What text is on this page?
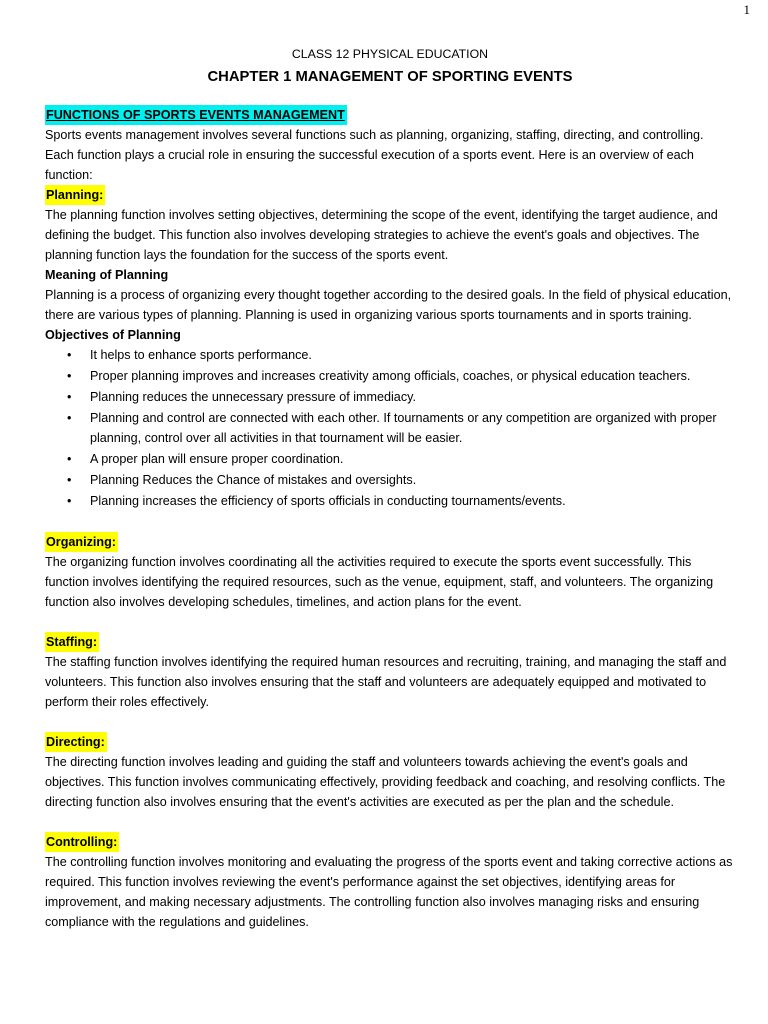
1
CLASS 12 PHYSICAL EDUCATION
CHAPTER 1 MANAGEMENT OF SPORTING EVENTS
FUNCTIONS OF SPORTS EVENTS MANAGEMENT

Sports events management involves several functions such as planning, organizing, staffing, directing, and controlling. Each function plays a crucial role in ensuring the successful execution of a sports event. Here is an overview of each function:

Planning:

The planning function involves setting objectives, determining the scope of the event, identifying the target audience, and defining the budget. This function also involves developing strategies to achieve the event's goals and objectives. The planning function lays the foundation for the success of the sports event.

Meaning of Planning

Planning is a process of organizing every thought together according to the desired goals. In the field of physical education, there are various types of planning. Planning is used in organizing various sports tournaments and in sports training.

Objectives of Planning
• It helps to enhance sports performance.
• Proper planning improves and increases creativity among officials, coaches, or physical education teachers.
• Planning reduces the unnecessary pressure of immediacy.
• Planning and control are connected with each other. If tournaments or any competition are organized with proper planning, control over all activities in that tournament will be easier.
• A proper plan will ensure proper coordination.
• Planning Reduces the Chance of mistakes and oversights.
• Planning increases the efficiency of sports officials in conducting tournaments/events.
Organizing:

The organizing function involves coordinating all the activities required to execute the sports event successfully. This function involves identifying the required resources, such as the venue, equipment, staff, and volunteers. The organizing function also involves developing schedules, timelines, and action plans for the event.

Staffing:

The staffing function involves identifying the required human resources and recruiting, training, and managing the staff and volunteers. This function also involves ensuring that the staff and volunteers are adequately equipped and motivated to perform their roles effectively.

Directing:

The directing function involves leading and guiding the staff and volunteers towards achieving the event's goals and objectives. This function involves communicating effectively, providing feedback and coaching, and resolving conflicts. The directing function also involves ensuring that the event's activities are executed as per the plan and the schedule.

Controlling:

The controlling function involves monitoring and evaluating the progress of the sports event and taking corrective actions as required. This function involves reviewing the event's performance against the set objectives, identifying areas for improvement, and making necessary adjustments. The controlling function also involves managing risks and ensuring compliance with the regulations and guidelines.
